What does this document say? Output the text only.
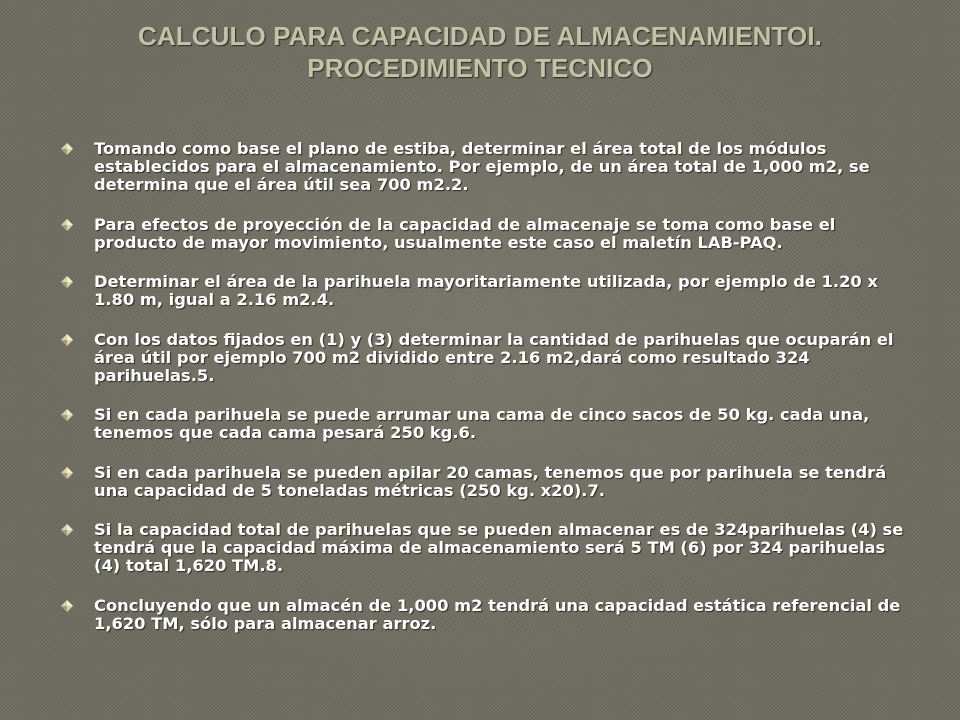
CALCULO PARA CAPACIDAD DE ALMACENAMIENTOI.
PROCEDIMIENTO TECNICO
Tomando como base el plano de estiba, determinar el área total de los módulos establecidos para el almacenamiento. Por ejemplo, de un área total de 1,000 m2, se determina que el área útil sea 700 m2.2.
Para efectos de proyección de la capacidad de almacenaje se toma como base el producto de mayor movimiento, usualmente este caso el maletín LAB-PAQ.
Determinar el área de la parihuela mayoritariamente utilizada, por ejemplo de 1.20 x 1.80 m, igual a 2.16 m2.4.
Con los datos fijados en (1) y (3) determinar la cantidad de parihuelas que ocuparán el área útil por ejemplo 700 m2 dividido entre 2.16 m2,dará como resultado 324 parihuelas.5.
Si en cada parihuela se puede arrumar una cama de cinco sacos de 50 kg. cada una, tenemos que cada cama pesará 250 kg.6.
Si en cada parihuela se pueden apilar 20 camas, tenemos que por parihuela se tendrá una capacidad de 5 toneladas métricas (250 kg. x20).7.
Si la capacidad total de parihuelas que se pueden almacenar es de 324parihuelas (4) se tendrá que la capacidad máxima de almacenamiento será 5 TM (6) por 324 parihuelas (4) total 1,620 TM.8.
Concluyendo que un almacén de 1,000 m2 tendrá una capacidad estática referencial de 1,620 TM, sólo para almacenar arroz.
